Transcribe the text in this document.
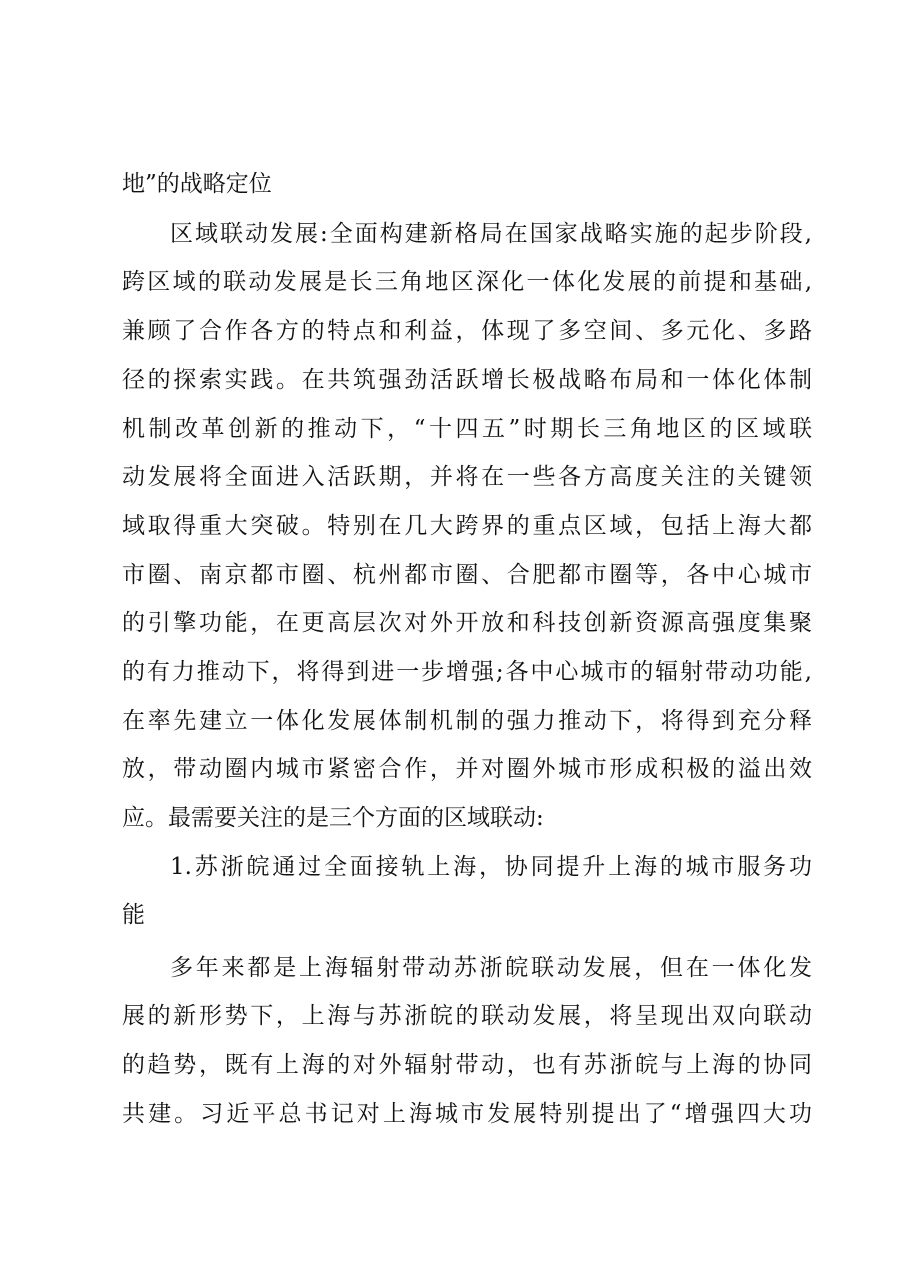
地”的战略定位
区域联动发展:全面构建新格局在国家战略实施的起步阶段,
跨区域的联动发展是长三角地区深化一体化发展的前提和基础,
兼顾了合作各方的特点和利益，体现了多空间、多元化、多路
径的探索实践。在共筑强劲活跃增长极战略布局和一体化体制
机制改革创新的推动下，“十四五”时期长三角地区的区域联
动发展将全面进入活跃期，并将在一些各方高度关注的关键领
域取得重大突破。特别在几大跨界的重点区域，包括上海大都
市圈、南京都市圈、杭州都市圈、合肥都市圈等，各中心城市
的引擎功能，在更高层次对外开放和科技创新资源高强度集聚
的有力推动下，将得到进一步增强;各中心城市的辐射带动功能,
在率先建立一体化发展体制机制的强力推动下，将得到充分释
放，带动圈内城市紧密合作，并对圈外城市形成积极的溢出效
应。最需要关注的是三个方面的区域联动:
1.苏浙皖通过全面接轨上海，协同提升上海的城市服务功
能
多年来都是上海辐射带动苏浙皖联动发展，但在一体化发
展的新形势下，上海与苏浙皖的联动发展，将呈现出双向联动
的趋势，既有上海的对外辐射带动，也有苏浙皖与上海的协同
共建。习近平总书记对上海城市发展特别提出了“增强四大功
